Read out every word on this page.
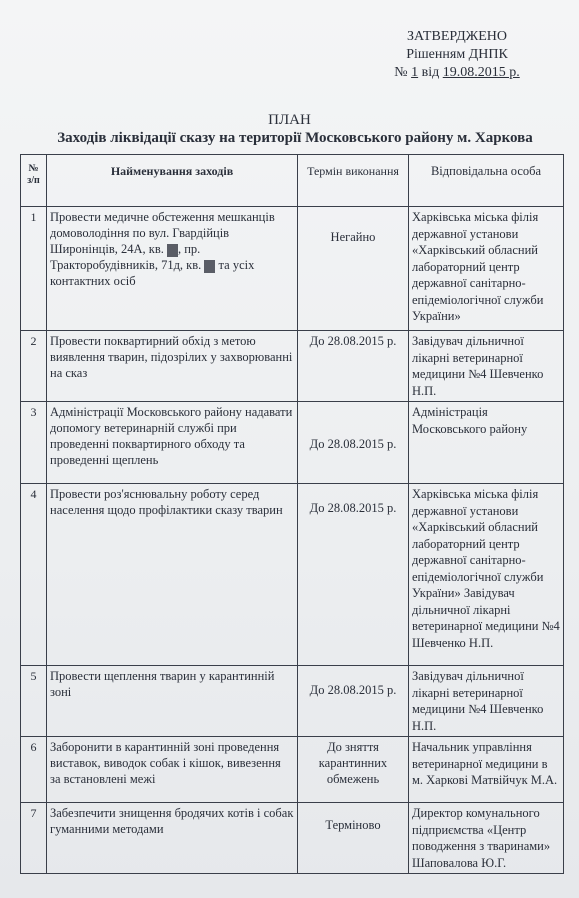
ЗАТВЕРДЖЕНО
Рішенням ДНПК
№ 1 від 19.08.2015 р.
ПЛАН
Заходів ліквідації сказу на території Московського району м. Харкова
№ з/п	Найменування заходів	Термін виконання	Відповідальна особа
1	Провести медичне обстеження мешканців домоволодіння по вул. Гвардійців Широнінців, 24А, кв. , пр. Тракторобудівників, 71д, кв. та усіх контактних осіб	Негайно	Харківська міська філія державної установи «Харківський обласний лабораторний центр державної санітарно-епідеміологічної служби України»
2	Провести поквартирний обхід з метою виявлення тварин, підозрілих у захворюванні на сказ	До 28.08.2015 р.	Завідувач дільничної лікарні ветеринарної медицини №4 Шевченко Н.П.
3	Адміністрації Московського району надавати допомогу ветеринарній службі при проведенні поквартирного обходу та проведенні щеплень	До 28.08.2015 р.	Адміністрація Московського району
4	Провести роз'яснювальну роботу серед населення щодо профілактики сказу тварин	До 28.08.2015 р.	Харківська міська філія державної установи «Харківський обласний лабораторний центр державної санітарно-епідеміологічної служби України» Завідувач дільничної лікарні ветеринарної медицини №4 Шевченко Н.П.
5	Провести щеплення тварин у карантинній зоні	До 28.08.2015 р.	Завідувач дільничної лікарні ветеринарної медицини №4 Шевченко Н.П.
6	Заборонити в карантинній зоні проведення виставок, виводок собак і кішок, вивезення за встановлені межі	До зняття карантинних обмежень	Начальник управління ветеринарної медицини в м. Харкові Матвійчук М.А.
7	Забезпечити знищення бродячих котів і собак гуманними методами	Терміново	Директор комунального підприємства «Центр поводження з тваринами» Шаповалова Ю.Г.
